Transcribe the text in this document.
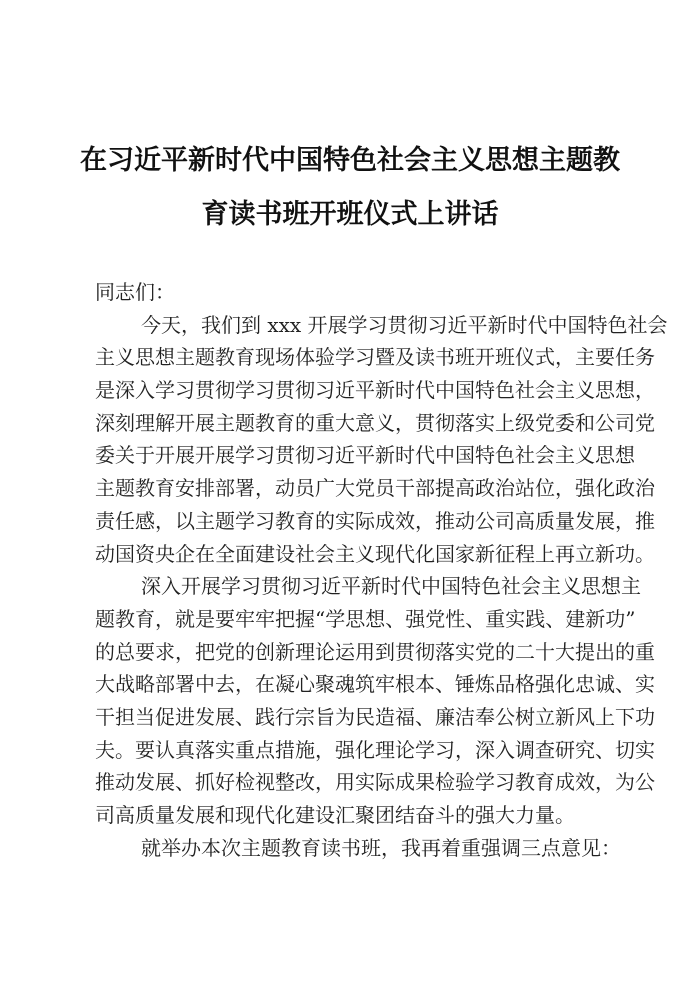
在习近平新时代中国特色社会主义思想主题教
育读书班开班仪式上讲话
同志们：
今天，我们到 xxx 开展学习贯彻习近平新时代中国特色社会
主义思想主题教育现场体验学习暨及读书班开班仪式，主要任务
是深入学习贯彻学习贯彻习近平新时代中国特色社会主义思想，
深刻理解开展主题教育的重大意义，贯彻落实上级党委和公司党
委关于开展开展学习贯彻习近平新时代中国特色社会主义思想
主题教育安排部署，动员广大党员干部提高政治站位，强化政治
责任感，以主题学习教育的实际成效，推动公司高质量发展，推
动国资央企在全面建设社会主义现代化国家新征程上再立新功。
深入开展学习贯彻习近平新时代中国特色社会主义思想主
题教育，就是要牢牢把握“学思想、强党性、重实践、建新功”
的总要求，把党的创新理论运用到贯彻落实党的二十大提出的重
大战略部署中去，在凝心聚魂筑牢根本、锤炼品格强化忠诚、实
干担当促进发展、践行宗旨为民造福、廉洁奉公树立新风上下功
夫。要认真落实重点措施，强化理论学习，深入调查研究、切实
推动发展、抓好检视整改，用实际成果检验学习教育成效，为公
司高质量发展和现代化建设汇聚团结奋斗的强大力量。
就举办本次主题教育读书班，我再着重强调三点意见：
